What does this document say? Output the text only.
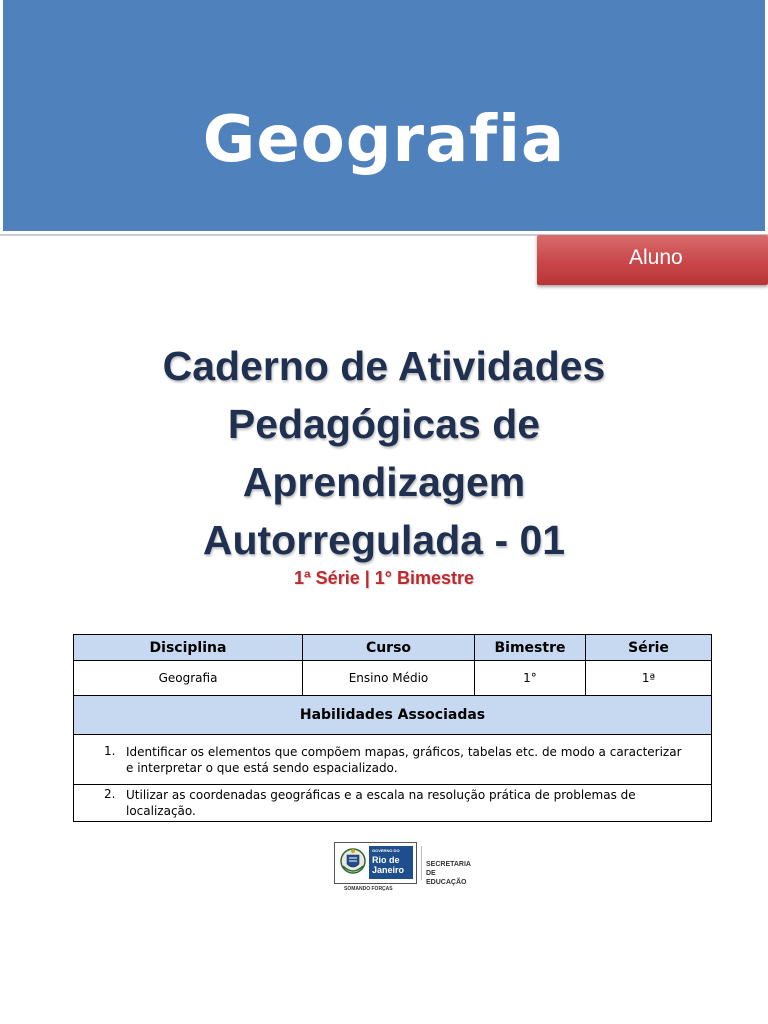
Geografia
Aluno
Caderno de Atividades
Pedagógicas de
Aprendizagem
Autorregulada - 01
1ª Série | 1° Bimestre
Disciplina	Curso	Bimestre	Série
Geografia	Ensino Médio	1°	1ª
Habilidades Associadas			

1. Identificar os elementos que compõem mapas, gráficos, tabelas etc. de modo a caracterizar e interpretar o que está sendo espacializado.			

2. Utilizar as coordenadas geográficas e a escala na resolução prática de problemas de localização.			
GOVERNO DO
Rio de Janeiro
SOMANDO FORÇAS
SECRETARIA DE EDUCAÇÃO
